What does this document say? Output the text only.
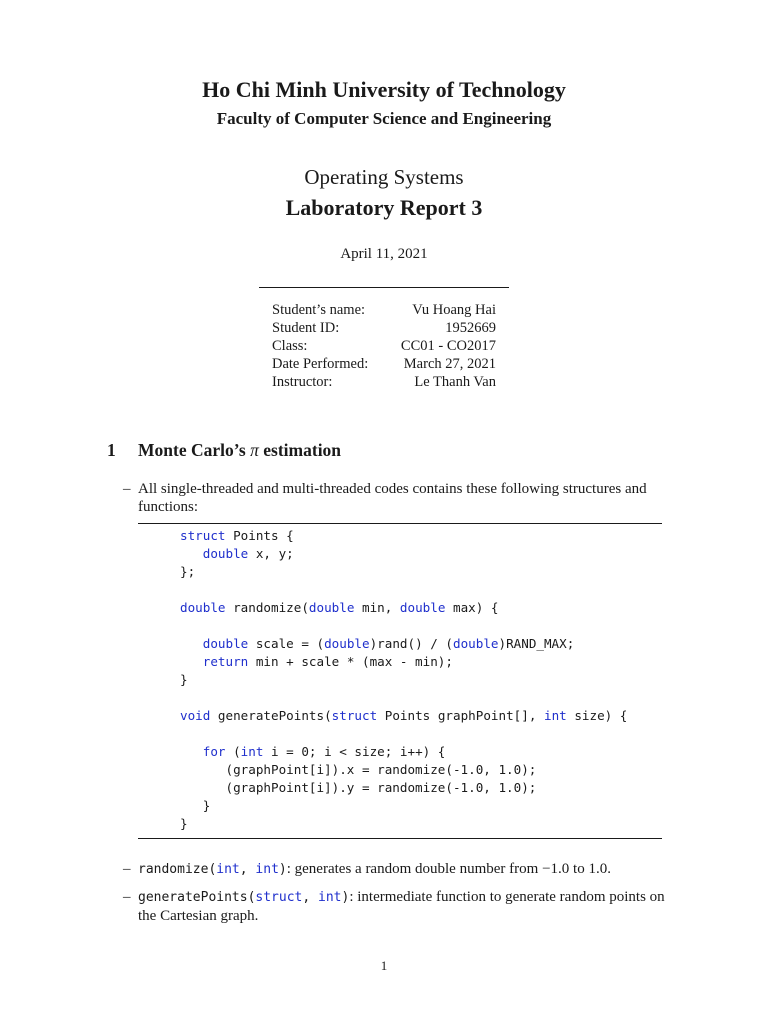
Ho Chi Minh University of Technology
Faculty of Computer Science and Engineering
Operating Systems
Laboratory Report 3
April 11, 2021
Student’s name:	Vu Hoang Hai
Student ID:	1952669
Class:	CC01 - CO2017
Date Performed: March 27, 2021
Instructor:	Le Thanh Van
1 Monte Carlo’s π estimation
– All single-threaded and multi-threaded codes contains these following structures and functions:
struct Points {
double x, y;
};

double randomize(double min, double max) {

double scale = (double)rand() / (double)RAND_MAX;
return min + scale * (max - min);
}

void generatePoints(struct Points graphPoint[], int size) {

for (int i = 0; i < size; i++) {
(graphPoint[i]).x = randomize(-1.0, 1.0);
(graphPoint[i]).y = randomize(-1.0, 1.0);
}
}
– randomize(int, int): generates a random double number from −1.0 to 1.0.
– generatePoints(struct, int): intermediate function to generate random points on the Cartesian graph.
1
